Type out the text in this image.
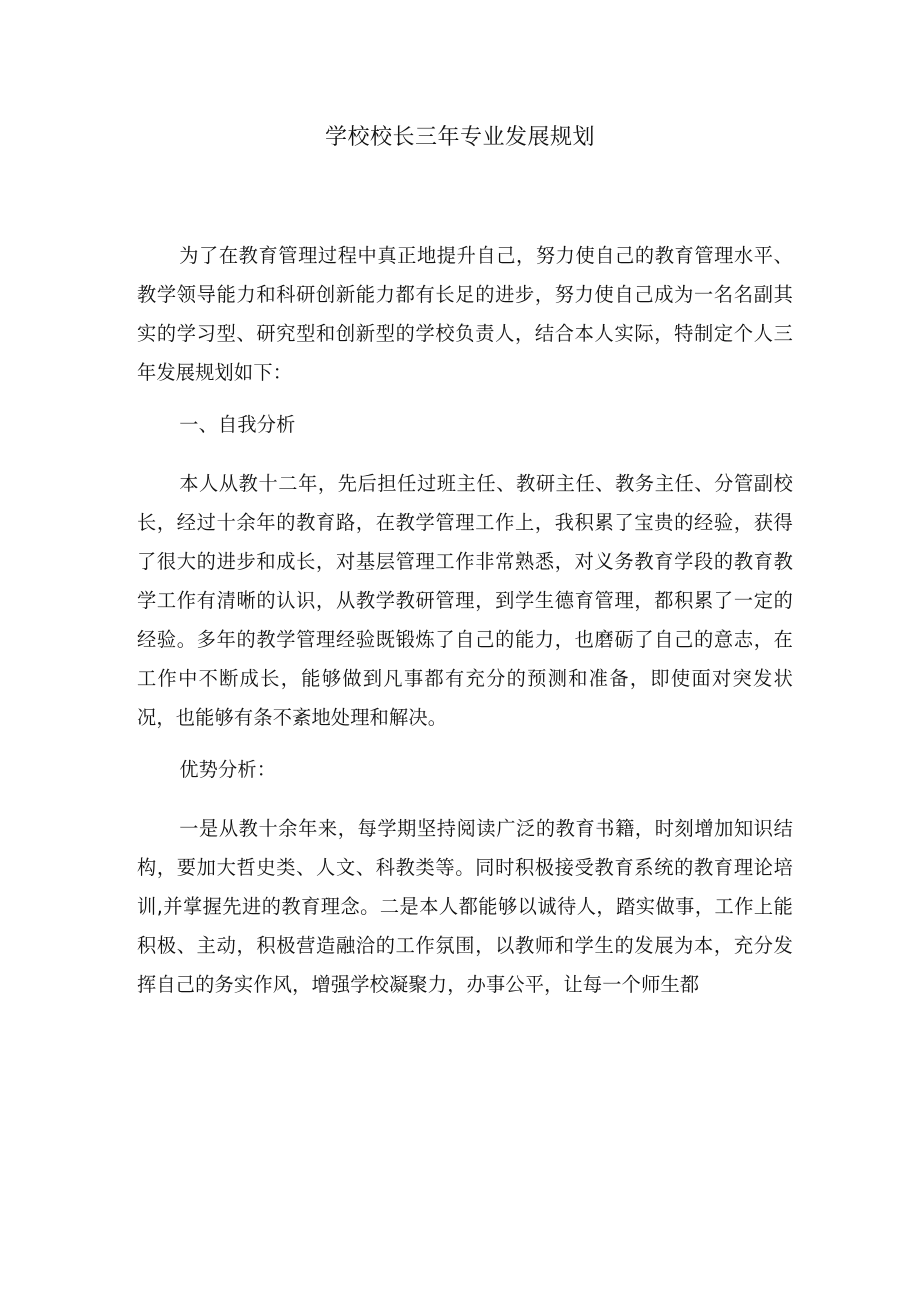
学校校长三年专业发展规划

为了在教育管理过程中真正地提升自己，努力使自己的教育管理水平、教学领导能力和科研创新能力都有长足的进步，努力使自己成为一名名副其实的学习型、研究型和创新型的学校负责人，结合本人实际，特制定个人三年发展规划如下：

一、自我分析

本人从教十二年，先后担任过班主任、教研主任、教务主任、分管副校长，经过十余年的教育路，在教学管理工作上，我积累了宝贵的经验，获得了很大的进步和成长，对基层管理工作非常熟悉，对义务教育学段的教育教学工作有清晰的认识，从教学教研管理，到学生德育管理，都积累了一定的经验。多年的教学管理经验既锻炼了自己的能力，也磨砺了自己的意志，在工作中不断成长，能够做到凡事都有充分的预测和准备，即使面对突发状况，也能够有条不紊地处理和解决。

优势分析：

一是从教十余年来，每学期坚持阅读广泛的教育书籍，时刻增加知识结构，要加大哲史类、人文、科教类等。同时积极接受教育系统的教育理论培训,并掌握先进的教育理念。二是本人都能够以诚待人，踏实做事，工作上能积极、主动，积极营造融洽的工作氛围，以教师和学生的发展为本，充分发挥自己的务实作风，增强学校凝聚力，办事公平，让每一个师生都
